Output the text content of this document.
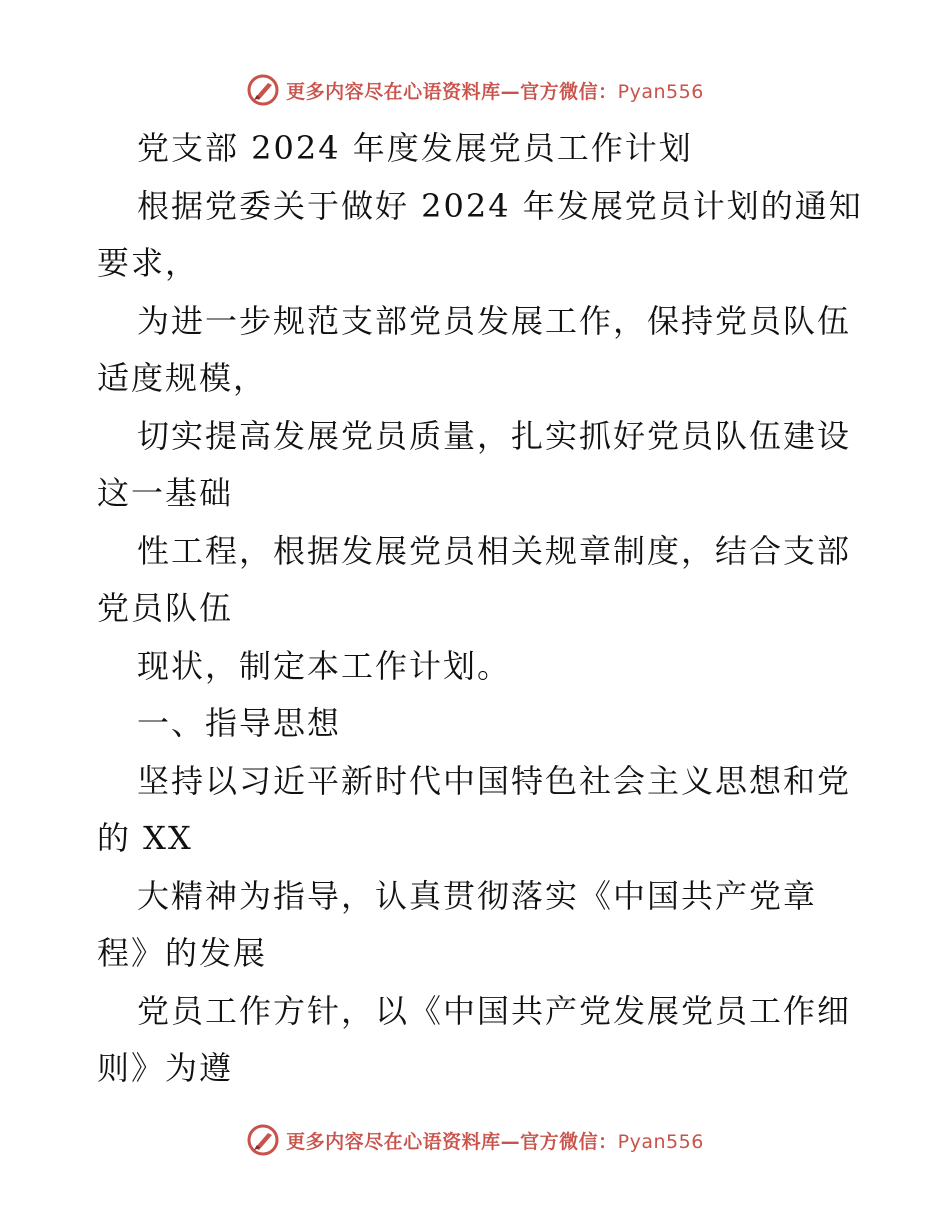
更多内容尽在心语资料库—官方微信：Pyan556
党支部 2024 年度发展党员工作计划
根据党委关于做好 2024 年发展党员计划的通知
要求，
为进一步规范支部党员发展工作，保持党员队伍
适度规模，
切实提高发展党员质量，扎实抓好党员队伍建设
这一基础
性工程，根据发展党员相关规章制度，结合支部
党员队伍
现状，制定本工作计划。
一、指导思想
坚持以习近平新时代中国特色社会主义思想和党
的 XX
大精神为指导，认真贯彻落实《中国共产党章
程》的发展
党员工作方针，以《中国共产党发展党员工作细
则》为遵
更多内容尽在心语资料库—官方微信：Pyan556
